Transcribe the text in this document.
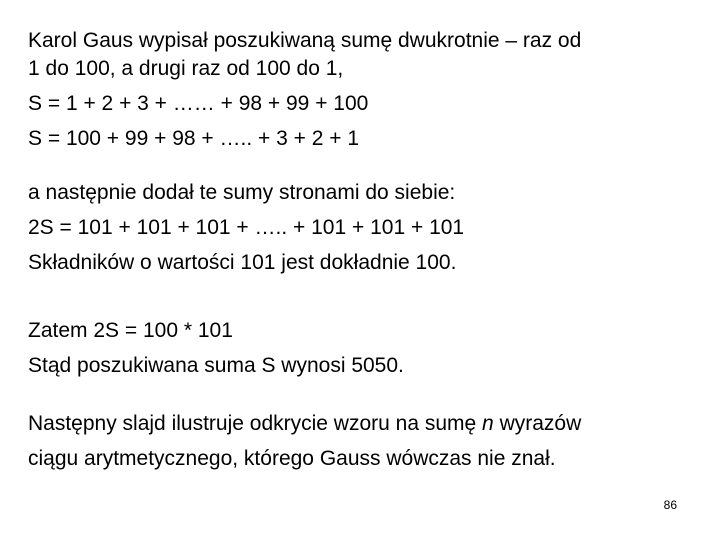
Karol Gaus wypisał poszukiwaną sumę dwukrotnie – raz od
1 do 100, a drugi raz od 100 do 1,
S = 1 + 2 + 3 + …… + 98 + 99 + 100
S = 100 + 99 + 98 + ….. + 3 + 2 + 1
a następnie dodał te sumy stronami do siebie:
2S = 101 + 101 + 101 + ….. + 101 + 101 + 101
Składników o wartości 101 jest dokładnie 100.
Zatem 2S = 100 * 101
Stąd poszukiwana suma S wynosi 5050.
Następny slajd ilustruje odkrycie wzoru na sumę n wyrazów
ciągu arytmetycznego, którego Gauss wówczas nie znał.
86
